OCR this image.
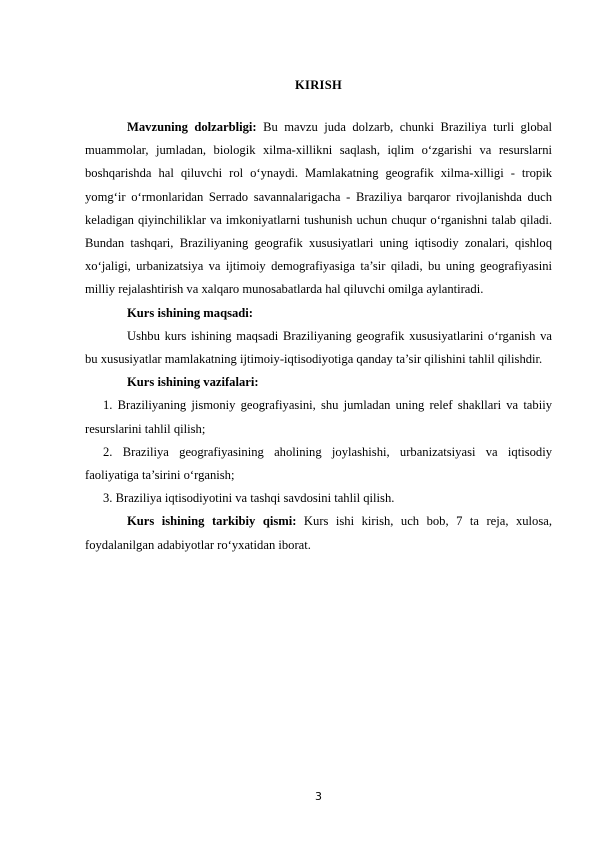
KIRISH

Mavzuning dolzarbligi: Bu mavzu juda dolzarb, chunki Braziliya turli global muammolar, jumladan, biologik xilma-xillikni saqlash, iqlim oʻzgarishi va resurslarni boshqarishda hal qiluvchi rol oʻynaydi. Mamlakatning geografik xilma-xilligi - tropik yomgʻir oʻrmonlaridan Serrado savannalarigacha - Braziliya barqaror rivojlanishda duch keladigan qiyinchiliklar va imkoniyatlarni tushunish uchun chuqur oʻrganishni talab qiladi. Bundan tashqari, Braziliyaning geografik xususiyatlari uning iqtisodiy zonalari, qishloq xoʻjaligi, urbanizatsiya va ijtimoiy demografiyasiga ta’sir qiladi, bu uning geografiyasini milliy rejalashtirish va xalqaro munosabatlarda hal qiluvchi omilga aylantiradi.

Kurs ishining maqsadi:

Ushbu kurs ishining maqsadi Braziliyaning geografik xususiyatlarini oʻrganish va bu xususiyatlar mamlakatning ijtimoiy-iqtisodiyotiga qanday ta’sir qilishini tahlil qilishdir.

Kurs ishining vazifalari:

1. Braziliyaning jismoniy geografiyasini, shu jumladan uning relef shakllari va tabiiy resurslarini tahlil qilish;

2. Braziliya geografiyasining aholining joylashishi, urbanizatsiyasi va iqtisodiy faoliyatiga ta’sirini oʻrganish;

3. Braziliya iqtisodiyotini va tashqi savdosini tahlil qilish.

Kurs ishining tarkibiy qismi: Kurs ishi kirish, uch bob, 7 ta reja, xulosa, foydalanilgan adabiyotlar roʻyxatidan iborat.

3
